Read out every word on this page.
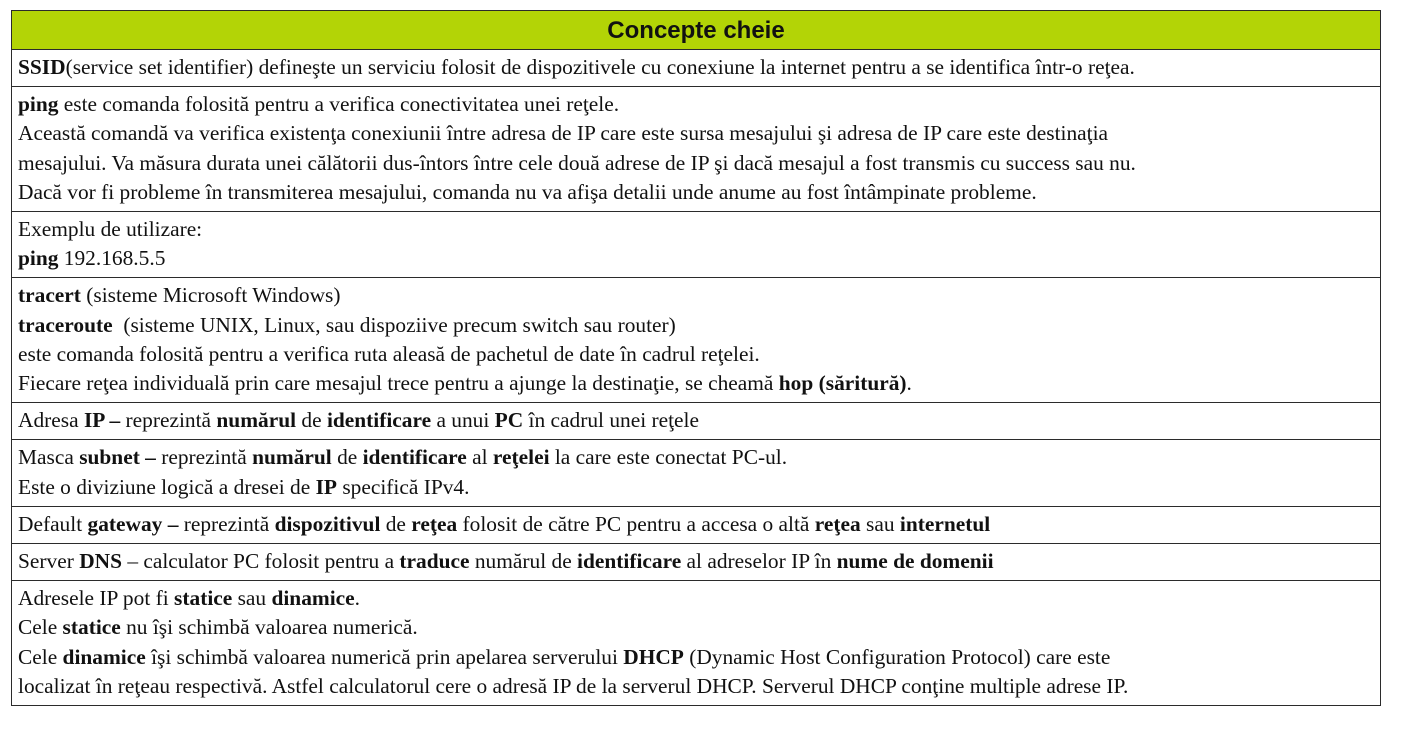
Concepte cheie

SSID(service set identifier) defineşte un serviciu folosit de dispozitivele cu conexiune la internet pentru a se identifica într-o reţea.

ping este comanda folosită pentru a verifica conectivitatea unei reţele.
Această comandă va verifica existenţa conexiunii între adresa de IP care este sursa mesajului şi adresa de IP care este destinaţia
mesajului. Va măsura durata unei călătorii dus-întors între cele două adrese de IP şi dacă mesajul a fost transmis cu success sau nu.
Dacă vor fi probleme în transmiterea mesajului, comanda nu va afişa detalii unde anume au fost întâmpinate probleme.

Exemplu de utilizare:
ping 192.168.5.5

tracert (sisteme Microsoft Windows)
traceroute  (sisteme UNIX, Linux, sau dispoziive precum switch sau router)
este comanda folosită pentru a verifica ruta aleasă de pachetul de date în cadrul reţelei.
Fiecare reţea individuală prin care mesajul trece pentru a ajunge la destinaţie, se cheamă hop (săritură).

Adresa IP – reprezintă numărul de identificare a unui PC în cadrul unei reţele

Masca subnet – reprezintă numărul de identificare al reţelei la care este conectat PC-ul.
Este o diviziune logică a dresei de IP specifică IPv4.

Default gateway – reprezintă dispozitivul de reţea folosit de către PC pentru a accesa o altă reţea sau internetul

Server DNS – calculator PC folosit pentru a traduce numărul de identificare al adreselor IP în nume de domenii

Adresele IP pot fi statice sau dinamice.
Cele statice nu îşi schimbă valoarea numerică.
Cele dinamice îşi schimbă valoarea numerică prin apelarea serverului DHCP (Dynamic Host Configuration Protocol) care este
localizat în reţeau respectivă. Astfel calculatorul cere o adresă IP de la serverul DHCP. Serverul DHCP conţine multiple adrese IP.
